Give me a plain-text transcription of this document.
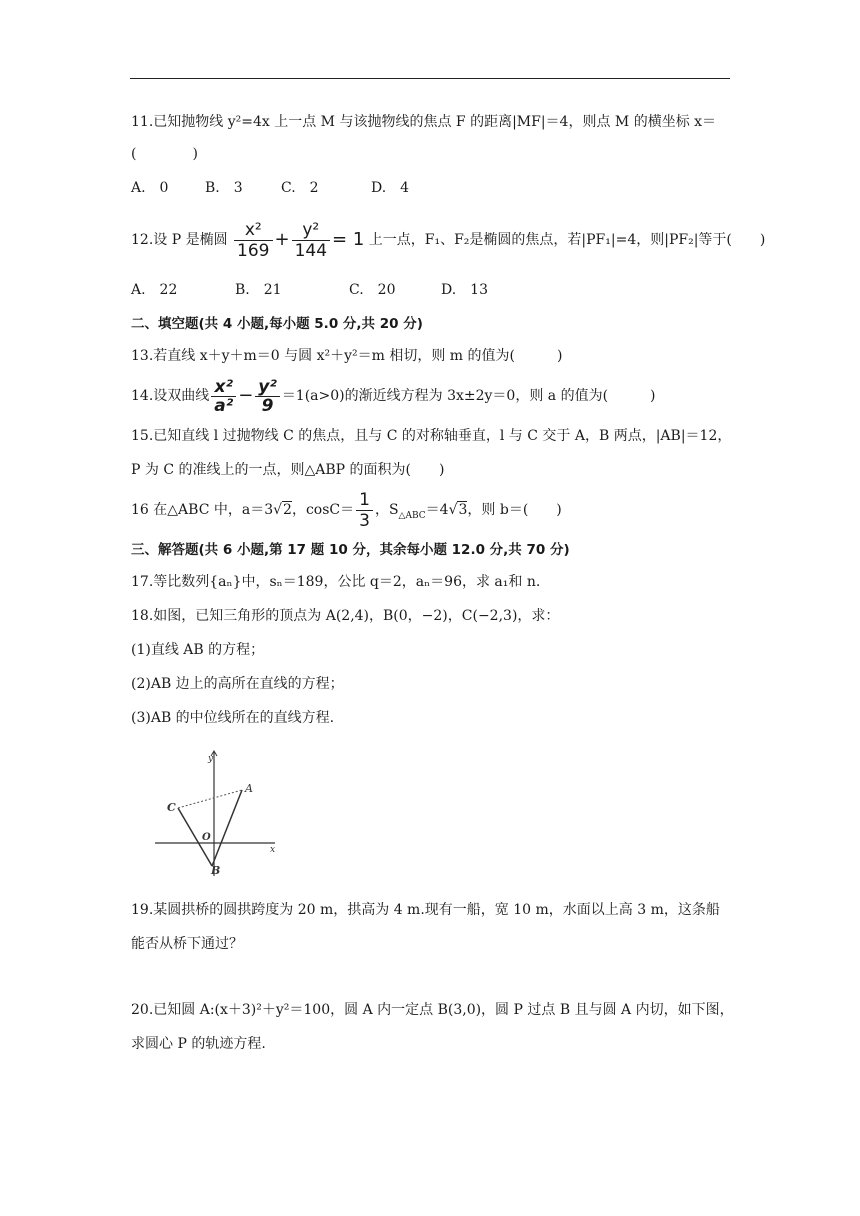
11.已知抛物线 y²=4x 上一点 M 与该抛物线的焦点 F 的距离|MF|＝4，则点 M 的横坐标 x＝
(　　　　)
A.　0	B.　3	C.　2	D.　4
12.设 P 是椭圆 $\frac{\text{x²}}{169} + \frac{\text{y²}}{144} = 1$ 上一点，F₁、F₂是椭圆的焦点，若|PF₁|=4，则|PF₂|等于(　　)
A.　22	B.　21	C.　20	D.　13
二、填空题(共 4 小题,每小题 5.0 分,共 20 分)
13.若直线 x＋y＋m＝0 与圆 x²＋y²＝m 相切，则 m 的值为(　　　)
14.设双曲线 $\frac{\text{x²}}{\text{a²}} - \frac{\text{y²}}{9} =1(a>0)$的渐近线方程为 3x±2y＝0，则 a 的值为(　　　)
15.已知直线 l 过抛物线 C 的焦点，且与 C 的对称轴垂直，l 与 C 交于 A，B 两点，|AB|＝12，
P 为 C 的准线上的一点，则△ABP 的面积为(　　)
16 在△ABC 中，a＝3√2，$\cos C= \frac{1}{3}$ ，$S_{\triangle ABC}=4√3$，则 b＝(　　)
三、解答题(共 6 小题,第 17 题 10 分，其余每小题 12.0 分,共 70 分)
17.等比数列{aₙ}中，sₙ＝189，公比 q＝2，aₙ＝96，求 a₁和 n.
18.如图，已知三角形的顶点为 A(2,4)，B(0，−2)，C(−2,3)，求：
(1)直线 AB 的方程；
(2)AB 边上的高所在直线的方程；
(3)AB 的中位线所在的直线方程.
y
x
A
B
C
O
19.某圆拱桥的圆拱跨度为 20 m，拱高为 4 m.现有一船，宽 10 m，水面以上高 3 m，这条船
能否从桥下通过？
20.已知圆 A:(x＋3)²＋y²＝100，圆 A 内一定点 B(3,0)，圆 P 过点 B 且与圆 A 内切，如下图，
求圆心 P 的轨迹方程.
